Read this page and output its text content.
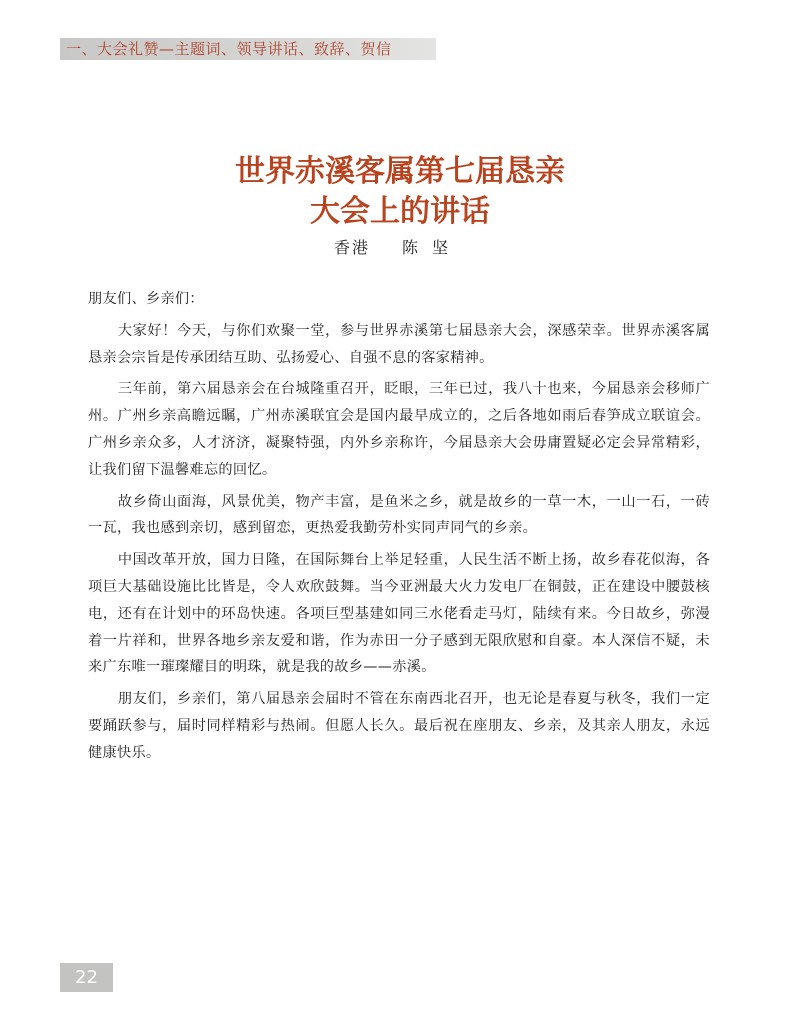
一、大会礼赞—主题词、领导讲话、致辞、贺信
世界赤溪客属第七届恳亲
大会上的讲话
香港 陈坚

朋友们、乡亲们：

大家好！今天，与你们欢聚一堂，参与世界赤溪第七届恳亲大会，深感荣幸。世界赤溪客属恳亲会宗旨是传承团结互助、弘扬爱心、自强不息的客家精神。

三年前，第六届恳亲会在台城隆重召开，眨眼，三年已过，我八十也来，今届恳亲会移师广州。广州乡亲高瞻远瞩，广州赤溪联宜会是国内最早成立的，之后各地如雨后春笋成立联谊会。广州乡亲众多，人才济济，凝聚特强，内外乡亲称许，今届恳亲大会毋庸置疑必定会异常精彩，让我们留下温馨难忘的回忆。

故乡倚山面海，风景优美，物产丰富，是鱼米之乡，就是故乡的一草一木，一山一石，一砖一瓦，我也感到亲切，感到留恋，更热爱我勤劳朴实同声同气的乡亲。

中国改革开放，国力日隆，在国际舞台上举足轻重，人民生活不断上扬，故乡春花似海，各项巨大基础设施比比皆是，令人欢欣鼓舞。当今亚洲最大火力发电厂在铜鼓，正在建设中腰鼓核电，还有在计划中的环岛快速。各项巨型基建如同三水佬看走马灯，陆续有来。今日故乡，弥漫着一片祥和，世界各地乡亲友爱和谐，作为赤田一分子感到无限欣慰和自豪。本人深信不疑，未来广东唯一璀璨耀目的明珠，就是我的故乡——赤溪。

朋友们，乡亲们，第八届恳亲会届时不管在东南西北召开，也无论是春夏与秋冬，我们一定要踊跃参与，届时同样精彩与热闹。但愿人长久。最后祝在座朋友、乡亲，及其亲人朋友，永远健康快乐。

22
